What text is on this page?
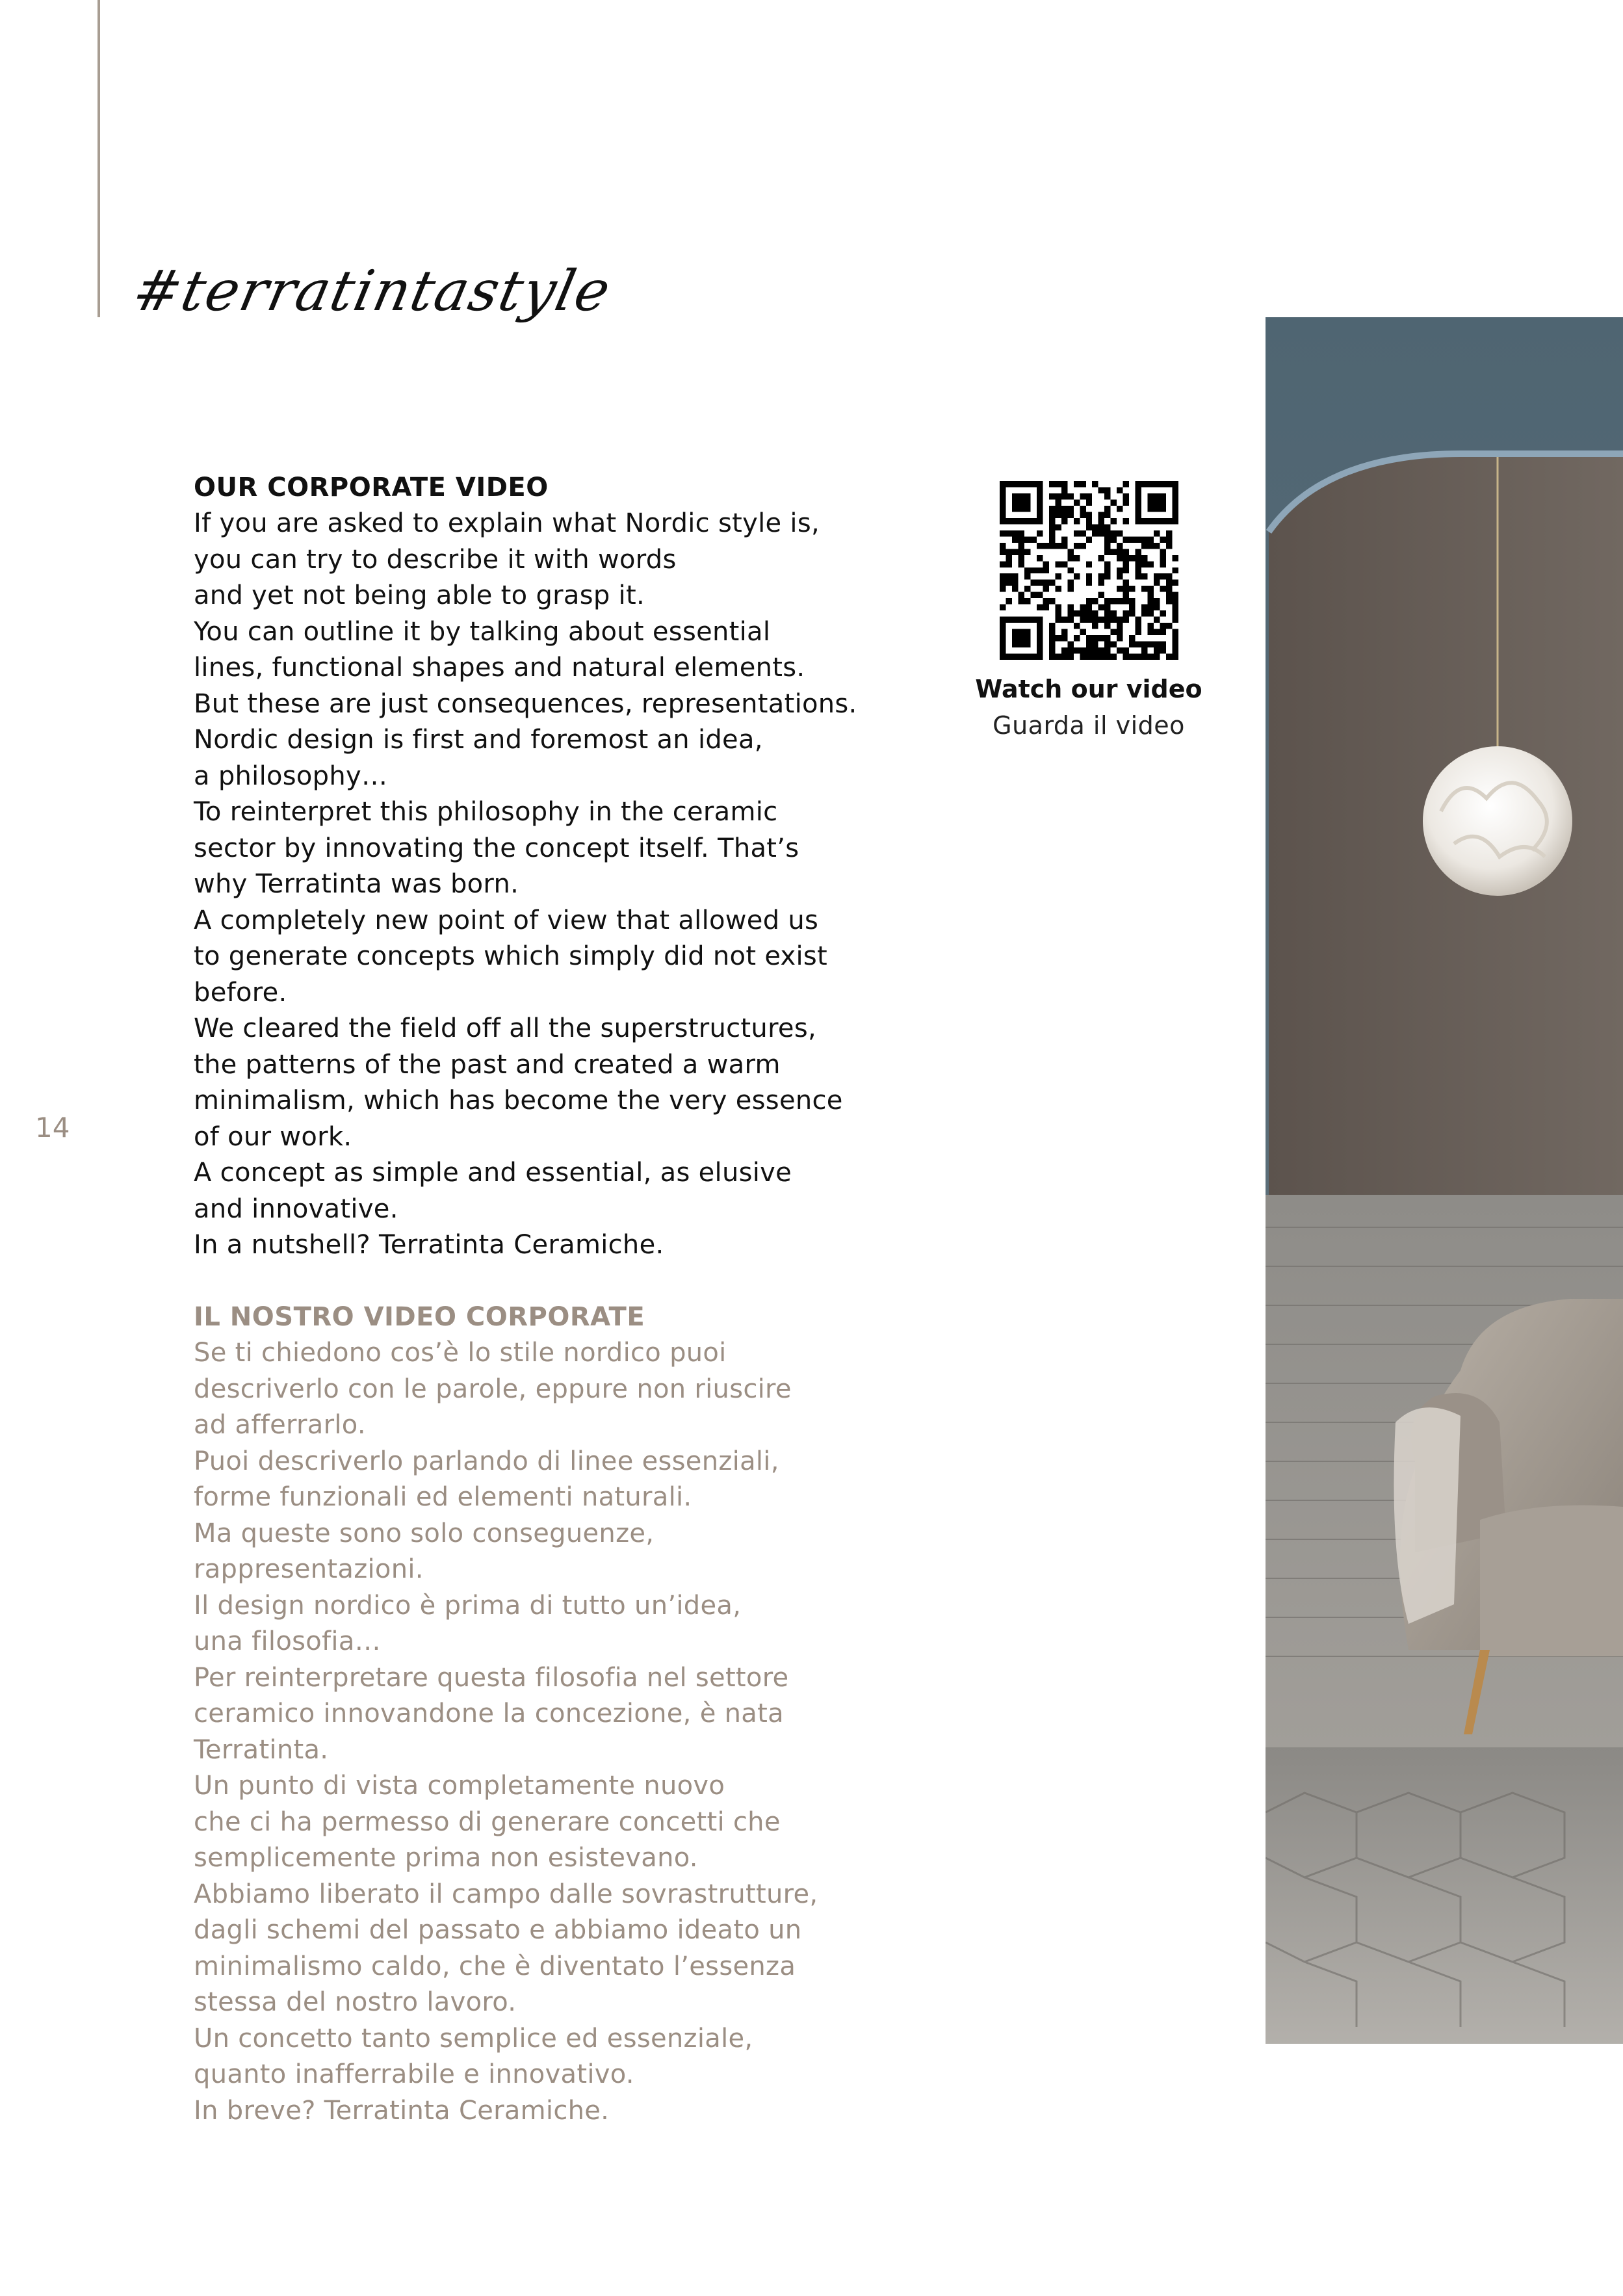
#terratintastyle
14
OUR CORPORATE VIDEO
If you are asked to explain what Nordic style is,
you can try to describe it with words
and yet not being able to grasp it.
You can outline it by talking about essential
lines, functional shapes and natural elements.
But these are just consequences, representations.
Nordic design is first and foremost an idea,
a philosophy…
To reinterpret this philosophy in the ceramic
sector by innovating the concept itself. That’s
why Terratinta was born.
A completely new point of view that allowed us
to generate concepts which simply did not exist
before.
We cleared the field off all the superstructures,
the patterns of the past and created a warm
minimalism, which has become the very essence
of our work.
A concept as simple and essential, as elusive
and innovative.
In a nutshell? Terratinta Ceramiche.
IL NOSTRO VIDEO CORPORATE
Se ti chiedono cos’è lo stile nordico puoi
descriverlo con le parole, eppure non riuscire
ad afferrarlo.
Puoi descriverlo parlando di linee essenziali,
forme funzionali ed elementi naturali.
Ma queste sono solo conseguenze,
rappresentazioni.
Il design nordico è prima di tutto un’idea,
una filosofia…
Per reinterpretare questa filosofia nel settore
ceramico innovandone la concezione, è nata
Terratinta.
Un punto di vista completamente nuovo
che ci ha permesso di generare concetti che
semplicemente prima non esistevano.
Abbiamo liberato il campo dalle sovrastrutture,
dagli schemi del passato e abbiamo ideato un
minimalismo caldo, che è diventato l’essenza
stessa del nostro lavoro.
Un concetto tanto semplice ed essenziale,
quanto inafferrabile e innovativo.
In breve? Terratinta Ceramiche.
Watch our video
Guarda il video
